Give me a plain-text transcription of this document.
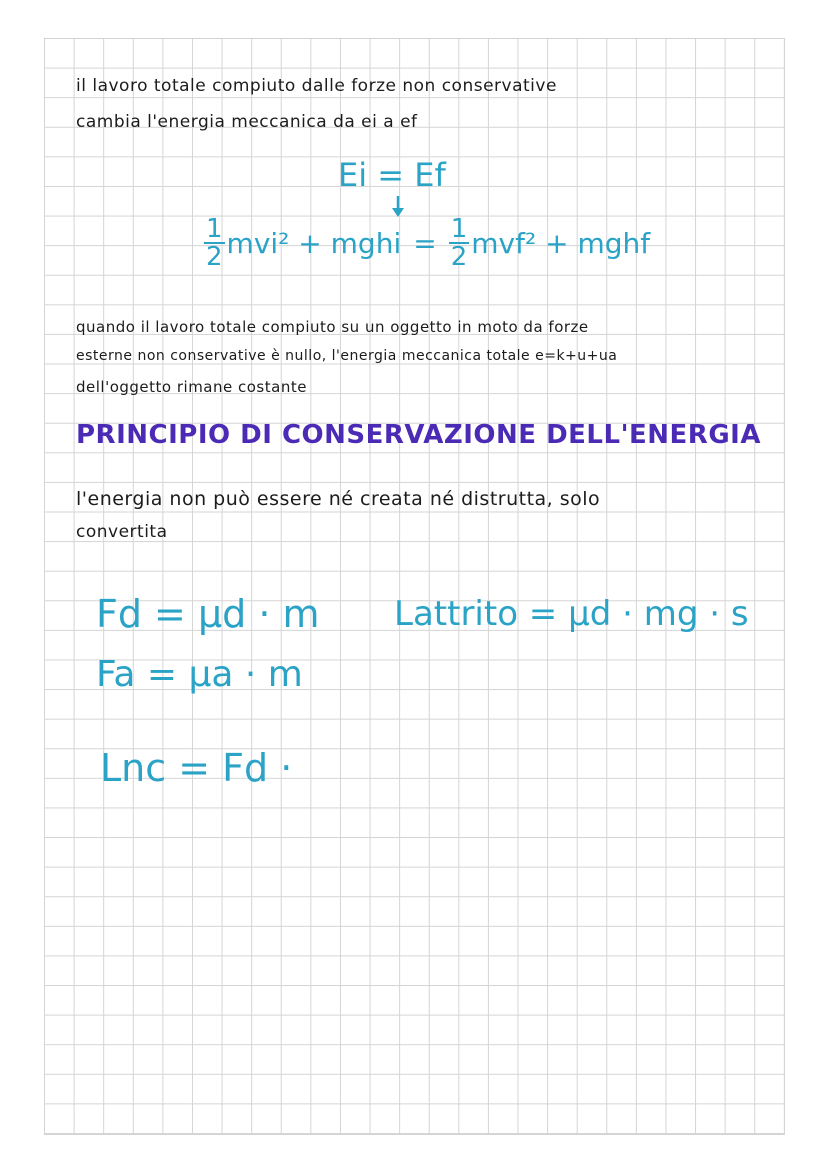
il lavoro totale compiuto dalle forze non conservative

cambia l'energia meccanica da ei a ef

Ei = Ef
$\frac{1}{2} mvi^2$ + mghi = $\frac{1}{2} mvf^2$ + mghf

quando il lavoro totale compiuto su un oggetto in moto da forze

esterne non conservative è nullo, l'energia meccanica totale e=k+u+ua

dell'oggetto rimane costante

PRINCIPIO DI CONSERVAZIONE DELL'ENERGIA

l'energia non può essere né creata né distrutta, solo

convertita

Fd = μd · m
Fa = μa · m
Lnc = Fd ·
Lattrito = μd · mg · s
